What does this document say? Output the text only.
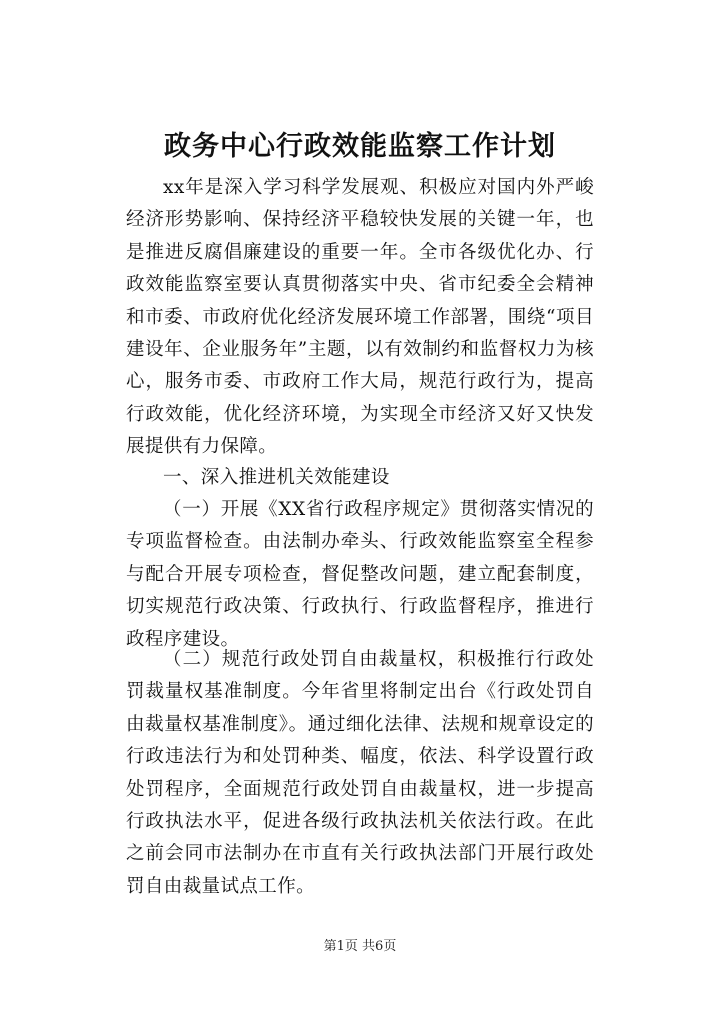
政务中心行政效能监察工作计划

xx年是深入学习科学发展观、积极应对国内外严峻经济形势影响、保持经济平稳较快发展的关键一年，也是推进反腐倡廉建设的重要一年。全市各级优化办、行政效能监察室要认真贯彻落实中央、省市纪委全会精神和市委、市政府优化经济发展环境工作部署，围绕“项目建设年、企业服务年”主题，以有效制约和监督权力为核心，服务市委、市政府工作大局，规范行政行为，提高行政效能，优化经济环境，为实现全市经济又好又快发展提供有力保障。

一、深入推进机关效能建设

（一）开展《XX省行政程序规定》贯彻落实情况的专项监督检查。由法制办牵头、行政效能监察室全程参与配合开展专项检查，督促整改问题，建立配套制度，切实规范行政决策、行政执行、行政监督程序，推进行政程序建设。

（二）规范行政处罚自由裁量权，积极推行行政处罚裁量权基准制度。今年省里将制定出台《行政处罚自由裁量权基准制度》。通过细化法律、法规和规章设定的行政违法行为和处罚种类、幅度，依法、科学设置行政处罚程序，全面规范行政处罚自由裁量权，进一步提高行政执法水平，促进各级行政执法机关依法行政。在此之前会同市法制办在市直有关行政执法部门开展行政处罚自由裁量试点工作。

第1页 共6页
